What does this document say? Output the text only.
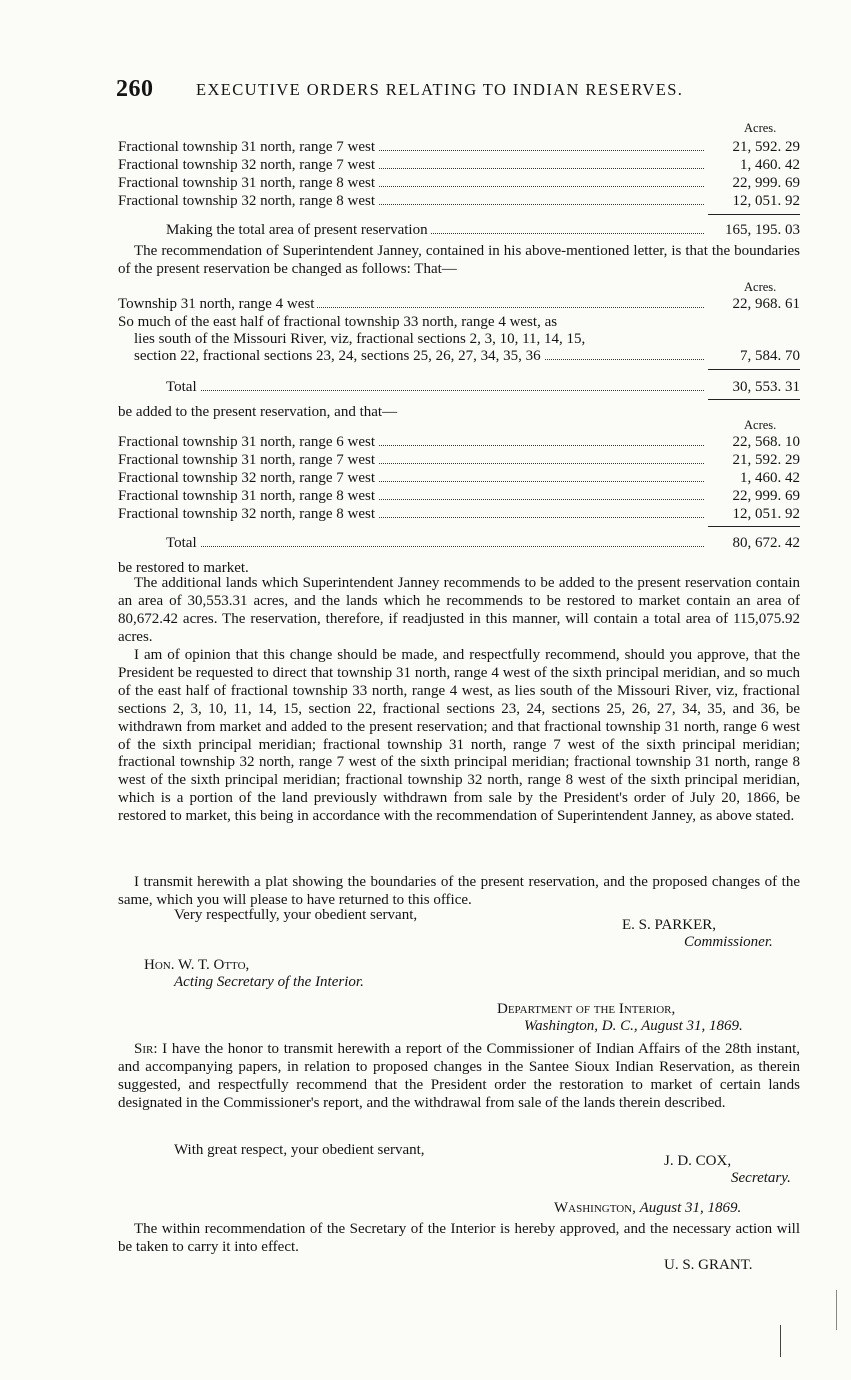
260	EXECUTIVE ORDERS RELATING TO INDIAN RESERVES.
Acres.
Fractional township 31 north, range 7 west	21, 592. 29
Fractional township 32 north, range 7 west	1, 460. 42
Fractional township 31 north, range 8 west	22, 999. 69
Fractional township 32 north, range 8 west	12, 051. 92
Making the total area of present reservation	165, 195. 03
The recommendation of Superintendent Janney, contained in his above-mentioned letter, is that the boundaries of the present reservation be changed as follows: That—
Acres.
Township 31 north, range 4 west	22, 968. 61
So much of the east half of fractional township 33 north, range 4 west, as
lies south of the Missouri River, viz, fractional sections 2, 3, 10, 11, 14, 15,
section 22, fractional sections 23, 24, sections 25, 26, 27, 34, 35, 36	7, 584. 70
Total	30, 553. 31
be added to the present reservation, and that—
Acres.
Fractional township 31 north, range 6 west	22, 568. 10
Fractional township 31 north, range 7 west	21, 592. 29
Fractional township 32 north, range 7 west	1, 460. 42
Fractional township 31 north, range 8 west	22, 999. 69
Fractional township 32 north, range 8 west	12, 051. 92
Total	80, 672. 42
be restored to market.
The additional lands which Superintendent Janney recommends to be added to the present reservation contain an area of 30,553.31 acres, and the lands which he recommends to be restored to market contain an area of 80,672.42 acres. The reservation, therefore, if readjusted in this manner, will contain a total area of 115,075.92 acres.
I am of opinion that this change should be made, and respectfully recommend, should you approve, that the President be requested to direct that township 31 north, range 4 west of the sixth principal meridian, and so much of the east half of fractional township 33 north, range 4 west, as lies south of the Missouri River, viz, fractional sections 2, 3, 10, 11, 14, 15, section 22, fractional sections 23, 24, sections 25, 26, 27, 34, 35, and 36, be withdrawn from market and added to the present reservation; and that fractional township 31 north, range 6 west of the sixth principal meridian; fractional township 31 north, range 7 west of the sixth principal meridian; fractional township 32 north, range 7 west of the sixth principal meridian; fractional township 31 north, range 8 west of the sixth principal meridian; fractional township 32 north, range 8 west of the sixth principal meridian, which is a portion of the land previously withdrawn from sale by the President's order of July 20, 1866, be restored to market, this being in accordance with the recommendation of Superintendent Janney, as above stated.
I transmit herewith a plat showing the boundaries of the present reservation, and the proposed changes of the same, which you will please to have returned to this office.
Very respectfully, your obedient servant,
E. S. PARKER,
Commissioner.
Hon. W. T. Otto,
Acting Secretary of the Interior.
Department of the Interior,
Washington, D. C., August 31, 1869.
Sir: I have the honor to transmit herewith a report of the Commissioner of Indian Affairs of the 28th instant, and accompanying papers, in relation to proposed changes in the Santee Sioux Indian Reservation, as therein suggested, and respectfully recommend that the President order the restoration to market of certain lands designated in the Commissioner's report, and the withdrawal from sale of the lands therein described.
With great respect, your obedient servant,
J. D. COX,
Secretary.
Washington, August 31, 1869.
The within recommendation of the Secretary of the Interior is hereby approved, and the necessary action will be taken to carry it into effect.
U. S. GRANT.
